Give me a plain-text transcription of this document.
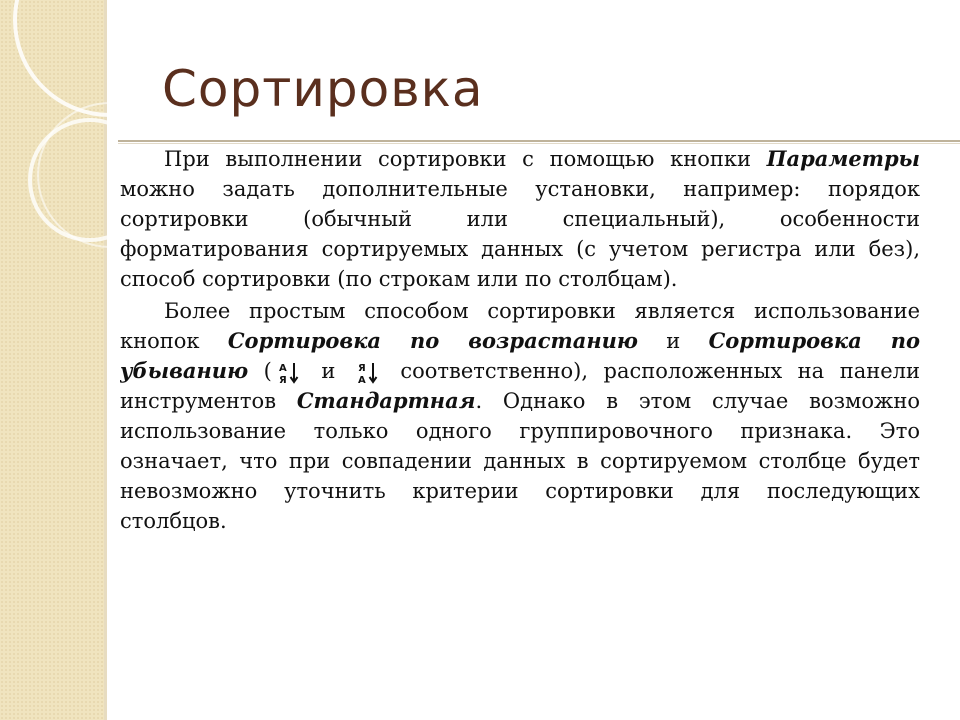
Сортировка

При выполнении сортировки с помощью кнопки Параметры можно задать дополнительные установки, например: порядок сортировки (обычный или специальный), особенности форматирования сортируемых данных (с учетом регистра или без), способ сортировки (по строкам или по столбцам).

Более простым способом сортировки является использование кнопок Сортировка по возрастанию и Сортировка по убыванию ( А
Я и Я
А соответственно), расположенных на панели инструментов Стандартная. Однако в этом случае возможно использование только одного группировочного признака. Это означает, что при совпадении данных в сортируемом столбце будет невозможно уточнить критерии сортировки для последующих столбцов.
